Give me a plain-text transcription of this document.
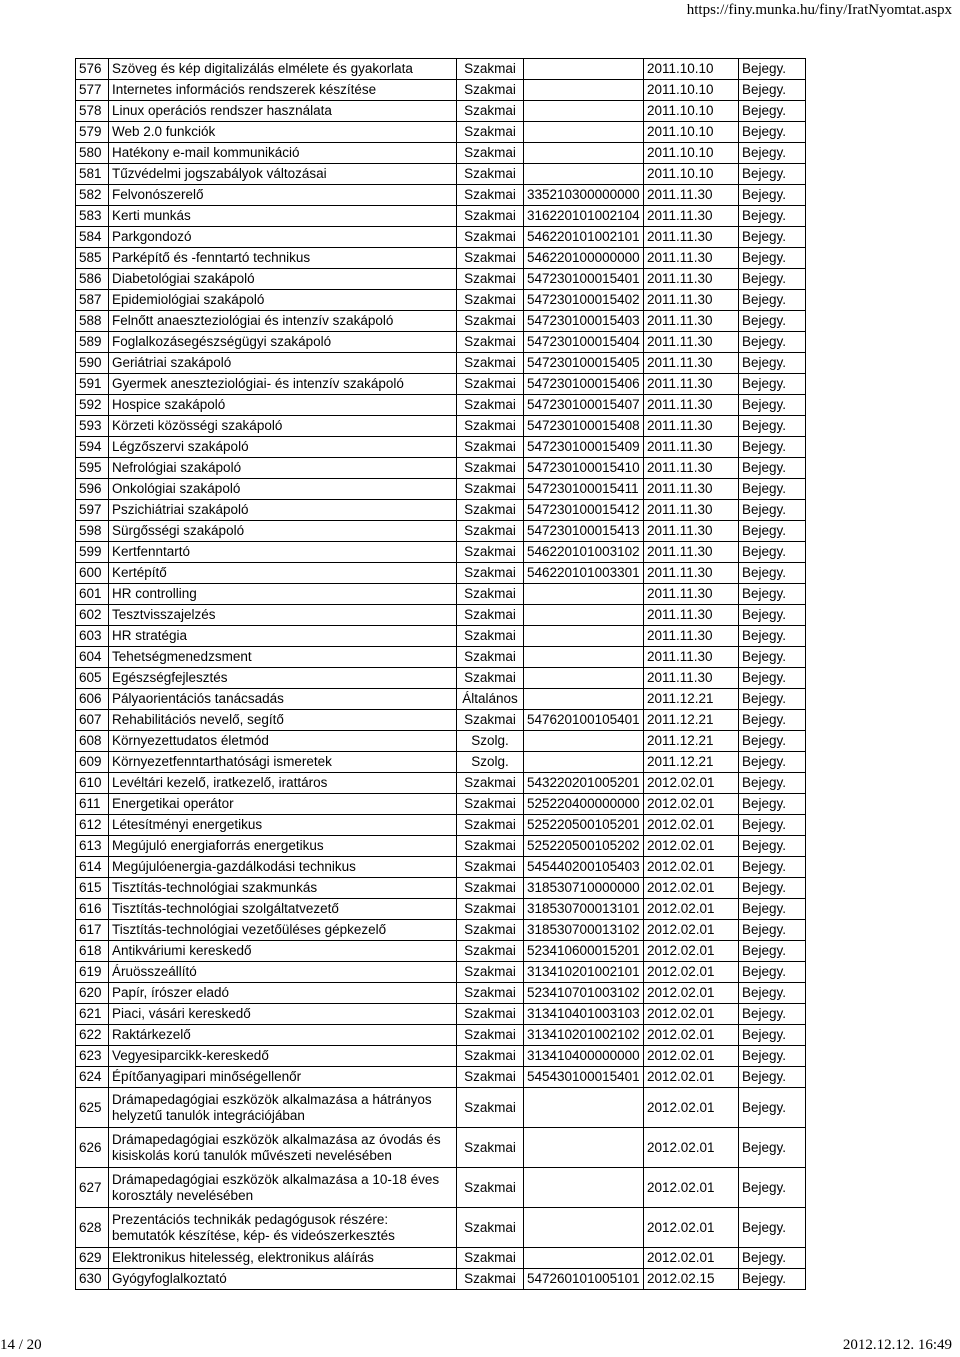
https://finy.munka.hu/finy/IratNyomtat.aspx
576	Szöveg és kép digitalizálás elmélete és gyakorlata	Szakmai		2011.10.10	Bejegy.
577	Internetes információs rendszerek készítése	Szakmai		2011.10.10	Bejegy.
578	Linux operációs rendszer használata	Szakmai		2011.10.10	Bejegy.
579	Web 2.0 funkciók	Szakmai		2011.10.10	Bejegy.
580	Hatékony e-mail kommunikáció	Szakmai		2011.10.10	Bejegy.
581	Tűzvédelmi jogszabályok változásai	Szakmai		2011.10.10	Bejegy.
582	Felvonószerelő	Szakmai	335210300000000	2011.11.30	Bejegy.
583	Kerti munkás	Szakmai	316220101002104	2011.11.30	Bejegy.
584	Parkgondozó	Szakmai	546220101002101	2011.11.30	Bejegy.
585	Parképítő és -fenntartó technikus	Szakmai	546220100000000	2011.11.30	Bejegy.
586	Diabetológiai szakápoló	Szakmai	547230100015401	2011.11.30	Bejegy.
587	Epidemiológiai szakápoló	Szakmai	547230100015402	2011.11.30	Bejegy.
588	Felnőtt anaeszteziológiai és intenzív szakápoló	Szakmai	547230100015403	2011.11.30	Bejegy.
589	Foglalkozásegészségügyi szakápoló	Szakmai	547230100015404	2011.11.30	Bejegy.
590	Geriátriai szakápoló	Szakmai	547230100015405	2011.11.30	Bejegy.
591	Gyermek aneszteziológiai- és intenzív szakápoló	Szakmai	547230100015406	2011.11.30	Bejegy.
592	Hospice szakápoló	Szakmai	547230100015407	2011.11.30	Bejegy.
593	Körzeti közösségi szakápoló	Szakmai	547230100015408	2011.11.30	Bejegy.
594	Légzőszervi szakápoló	Szakmai	547230100015409	2011.11.30	Bejegy.
595	Nefrológiai szakápoló	Szakmai	547230100015410	2011.11.30	Bejegy.
596	Onkológiai szakápoló	Szakmai	547230100015411	2011.11.30	Bejegy.
597	Pszichiátriai szakápoló	Szakmai	547230100015412	2011.11.30	Bejegy.
598	Sürgősségi szakápoló	Szakmai	547230100015413	2011.11.30	Bejegy.
599	Kertfenntartó	Szakmai	546220101003102	2011.11.30	Bejegy.
600	Kertépítő	Szakmai	546220101003301	2011.11.30	Bejegy.
601	HR controlling	Szakmai		2011.11.30	Bejegy.
602	Tesztvisszajelzés	Szakmai		2011.11.30	Bejegy.
603	HR stratégia	Szakmai		2011.11.30	Bejegy.
604	Tehetségmenedzsment	Szakmai		2011.11.30	Bejegy.
605	Egészségfejlesztés	Szakmai		2011.11.30	Bejegy.
606	Pályaorientációs tanácsadás	Általános		2011.12.21	Bejegy.
607	Rehabilitációs nevelő, segítő	Szakmai	547620100105401	2011.12.21	Bejegy.
608	Környezettudatos életmód	Szolg.		2011.12.21	Bejegy.
609	Környezetfenntarthatósági ismeretek	Szolg.		2011.12.21	Bejegy.
610	Levéltári kezelő, iratkezelő, irattáros	Szakmai	543220201005201	2012.02.01	Bejegy.
611	Energetikai operátor	Szakmai	525220400000000	2012.02.01	Bejegy.
612	Létesítményi energetikus	Szakmai	525220500105201	2012.02.01	Bejegy.
613	Megújuló energiaforrás energetikus	Szakmai	525220500105202	2012.02.01	Bejegy.
614	Megújulóenergia-gazdálkodási technikus	Szakmai	545440200105403	2012.02.01	Bejegy.
615	Tisztítás-technológiai szakmunkás	Szakmai	318530710000000	2012.02.01	Bejegy.
616	Tisztítás-technológiai szolgáltatvezető	Szakmai	318530700013101	2012.02.01	Bejegy.
617	Tisztítás-technológiai vezetőüléses gépkezelő	Szakmai	318530700013102	2012.02.01	Bejegy.
618	Antikváriumi kereskedő	Szakmai	523410600015201	2012.02.01	Bejegy.
619	Áruösszeállító	Szakmai	313410201002101	2012.02.01	Bejegy.
620	Papír, írószer eladó	Szakmai	523410701003102	2012.02.01	Bejegy.
621	Piaci, vásári kereskedő	Szakmai	313410401003103	2012.02.01	Bejegy.
622	Raktárkezelő	Szakmai	313410201002102	2012.02.01	Bejegy.
623	Vegyesiparcikk-kereskedő	Szakmai	313410400000000	2012.02.01	Bejegy.
624	Építőanyagipari minőségellenőr	Szakmai	545430100015401	2012.02.01	Bejegy.
625	Drámapedagógiai eszközök alkalmazása a hátrányos helyzetű tanulók integrációjában	Szakmai		2012.02.01	Bejegy.
626	Drámapedagógiai eszközök alkalmazása az óvodás és kisiskolás korú tanulók művészeti nevelésében	Szakmai		2012.02.01	Bejegy.
627	Drámapedagógiai eszközök alkalmazása a 10-18 éves korosztály nevelésében	Szakmai		2012.02.01	Bejegy.
628	Prezentációs technikák pedagógusok részére: bemutatók készítése, kép- és videószerkesztés	Szakmai		2012.02.01	Bejegy.
629	Elektronikus hitelesség, elektronikus aláírás	Szakmai		2012.02.01	Bejegy.
630	Gyógyfoglalkoztató	Szakmai	547260101005101	2012.02.15	Bejegy.
14 / 20	2012.12.12. 16:49
